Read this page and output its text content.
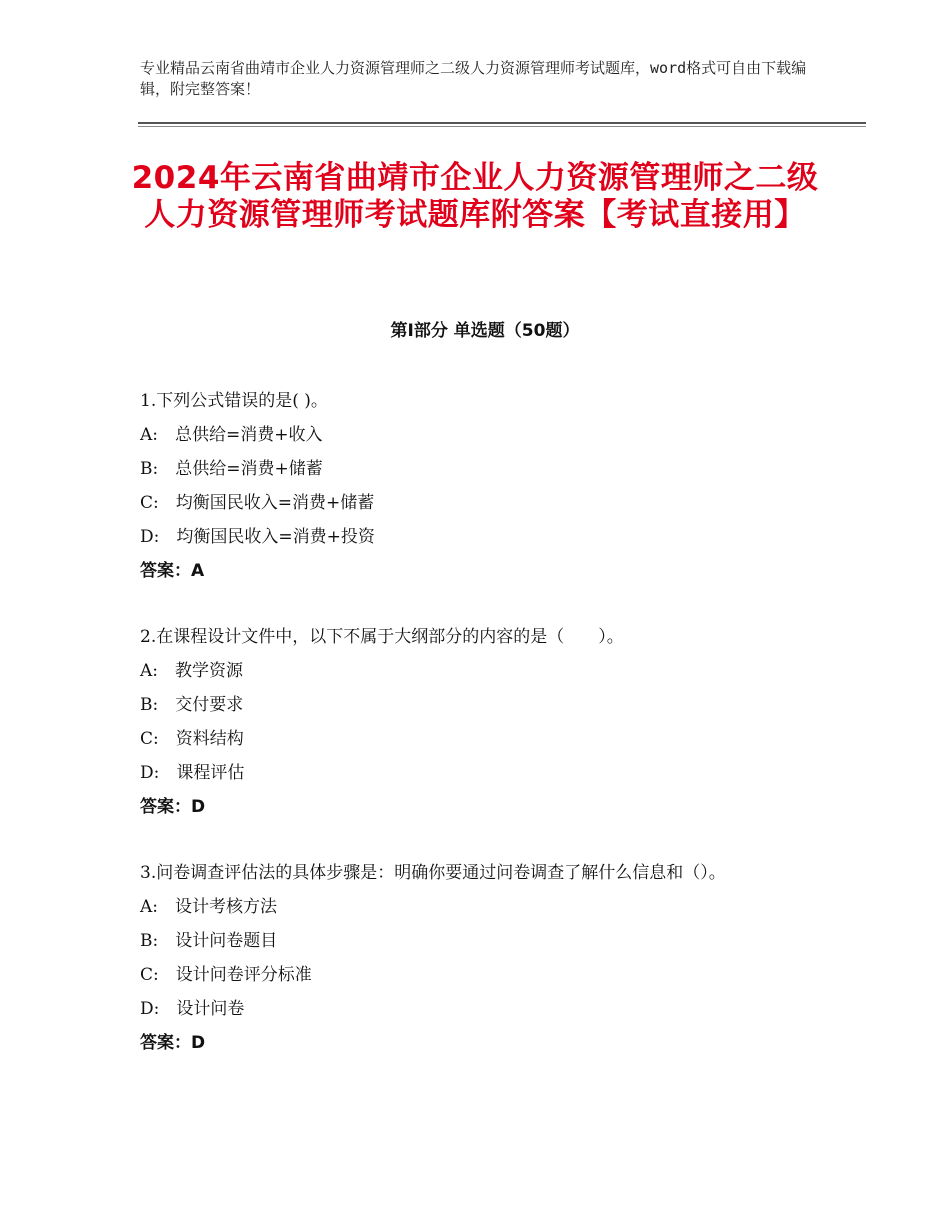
专业精品云南省曲靖市企业人力资源管理师之二级人力资源管理师考试题库，word格式可自由下载编辑，附完整答案！
2024年云南省曲靖市企业人力资源管理师之二级人力资源管理师考试题库附答案【考试直接用】
第Ⅰ部分 单选题（50题）
1.下列公式错误的是( )。
A:　总供给=消费+收入
B:　总供给=消费+储蓄
C:　均衡国民收入=消费+储蓄
D:　均衡国民收入=消费+投资
答案：A
2.在课程设计文件中，以下不属于大纲部分的内容的是（　　）。
A:　教学资源
B:　交付要求
C:　资料结构
D:　课程评估
答案：D
3.问卷调查评估法的具体步骤是：明确你要通过问卷调查了解什么信息和（）。
A:　设计考核方法
B:　设计问卷题目
C:　设计问卷评分标准
D:　设计问卷
答案：D
